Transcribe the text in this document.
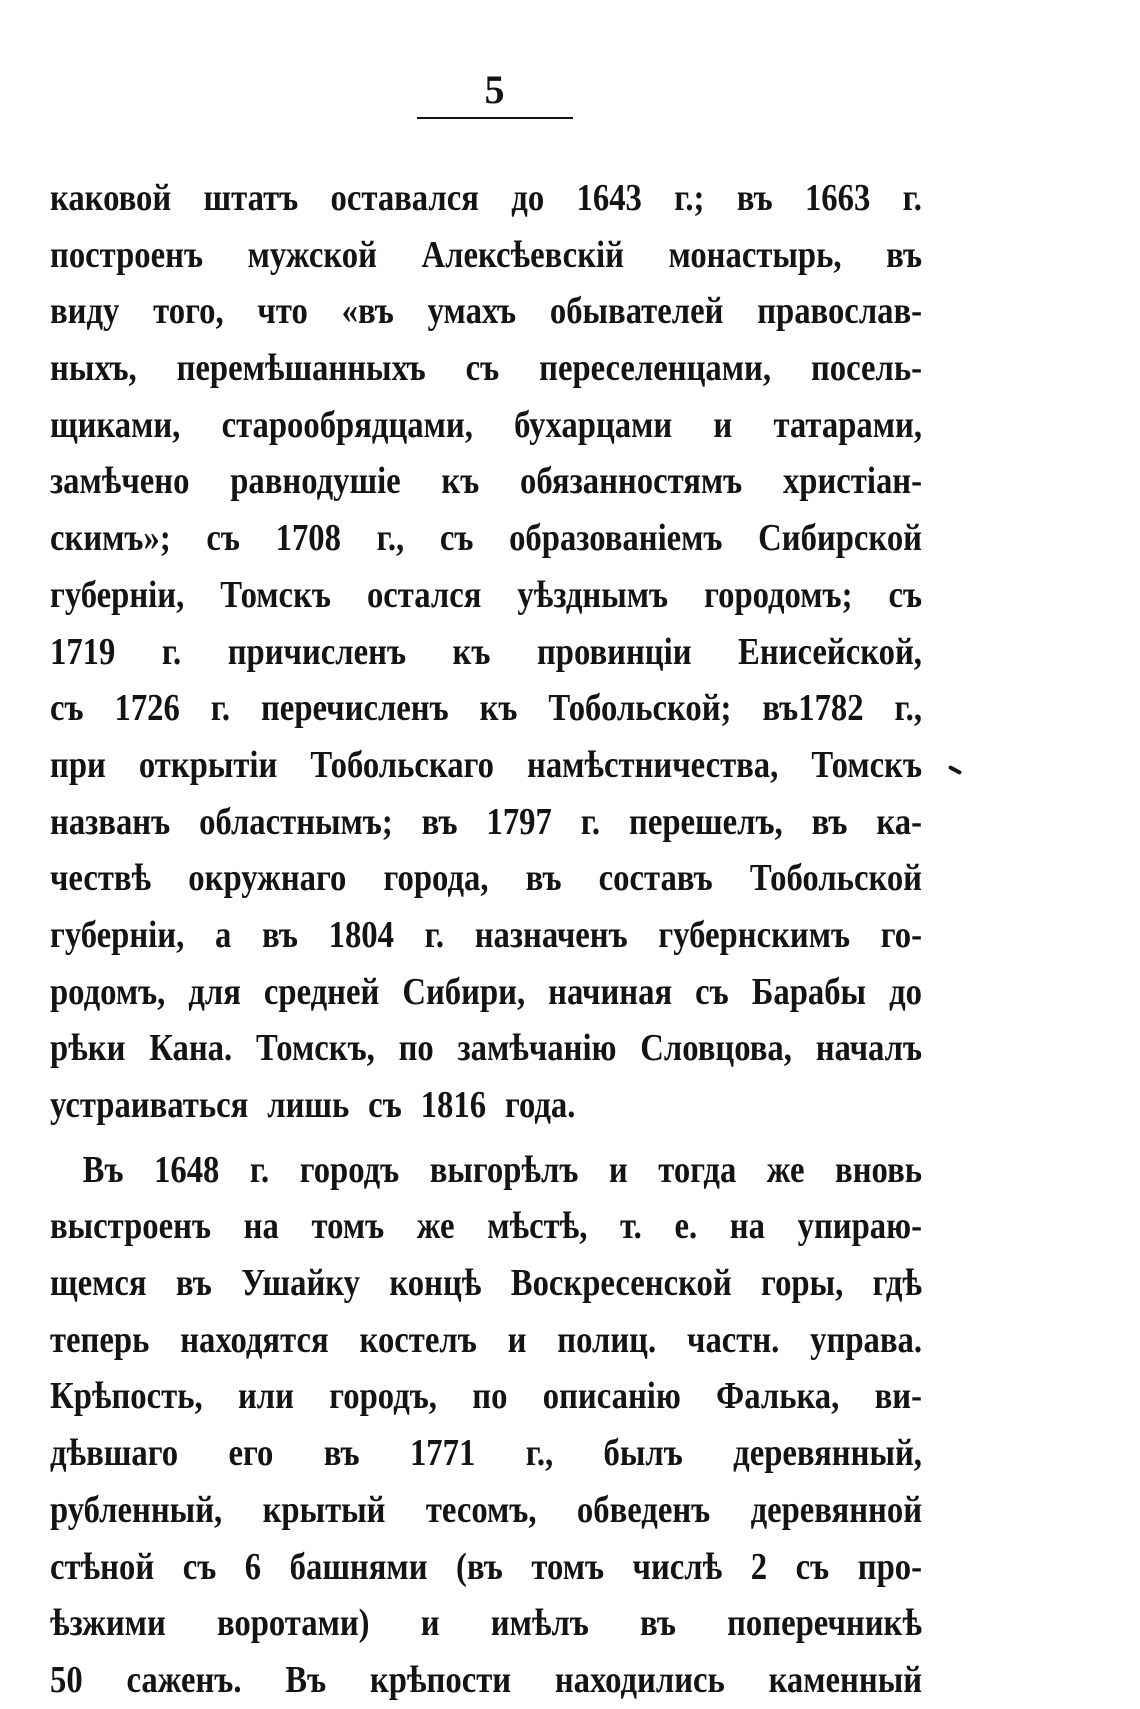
5
каковой штатъ оставался до 1643 г.; въ 1663 г.
построенъ мужской Алексѣевскій монастырь, въ
виду того, что «въ умахъ обывателей православ-
ныхъ, перемѣшанныхъ съ переселенцами, посель-
щиками, старообрядцами, бухарцами и татарами,
замѣчено равнодушіе къ обязанностямъ христіан-
скимъ»; съ 1708 г., съ образованіемъ Сибирской
губерніи, Томскъ остался уѣзднымъ городомъ; съ
1719 г. причисленъ къ провинціи Енисейской,
съ 1726 г. перечисленъ къ Тобольской; въ1782 г.,
при открытіи Тобольскаго намѣстничества, Томскъ
названъ областнымъ; въ 1797 г. перешелъ, въ ка-
чествѣ окружнаго города, въ составъ Тобольской
губерніи, а въ 1804 г. назначенъ губернскимъ го-
родомъ, для средней Сибири, начиная съ Барабы до
рѣки Кана. Томскъ, по замѣчанію Словцова, началъ
устраиваться лишь съ 1816 года.
Въ 1648 г. городъ выгорѣлъ и тогда же вновь
выстроенъ на томъ же мѣстѣ, т. е. на упираю-
щемся въ Ушайку концѣ Воскресенской горы, гдѣ
теперь находятся костелъ и полиц. частн. управа.
Крѣпость, или городъ, по описанію Фалька, ви-
дѣвшаго его въ 1771 г., былъ деревянный,
рубленный, крытый тесомъ, обведенъ деревянной
стѣной съ 6 башнями (въ томъ числѣ 2 съ про-
ѣзжими воротами) и имѣлъ въ поперечникѣ
50 саженъ. Въ крѣпости находились каменный
